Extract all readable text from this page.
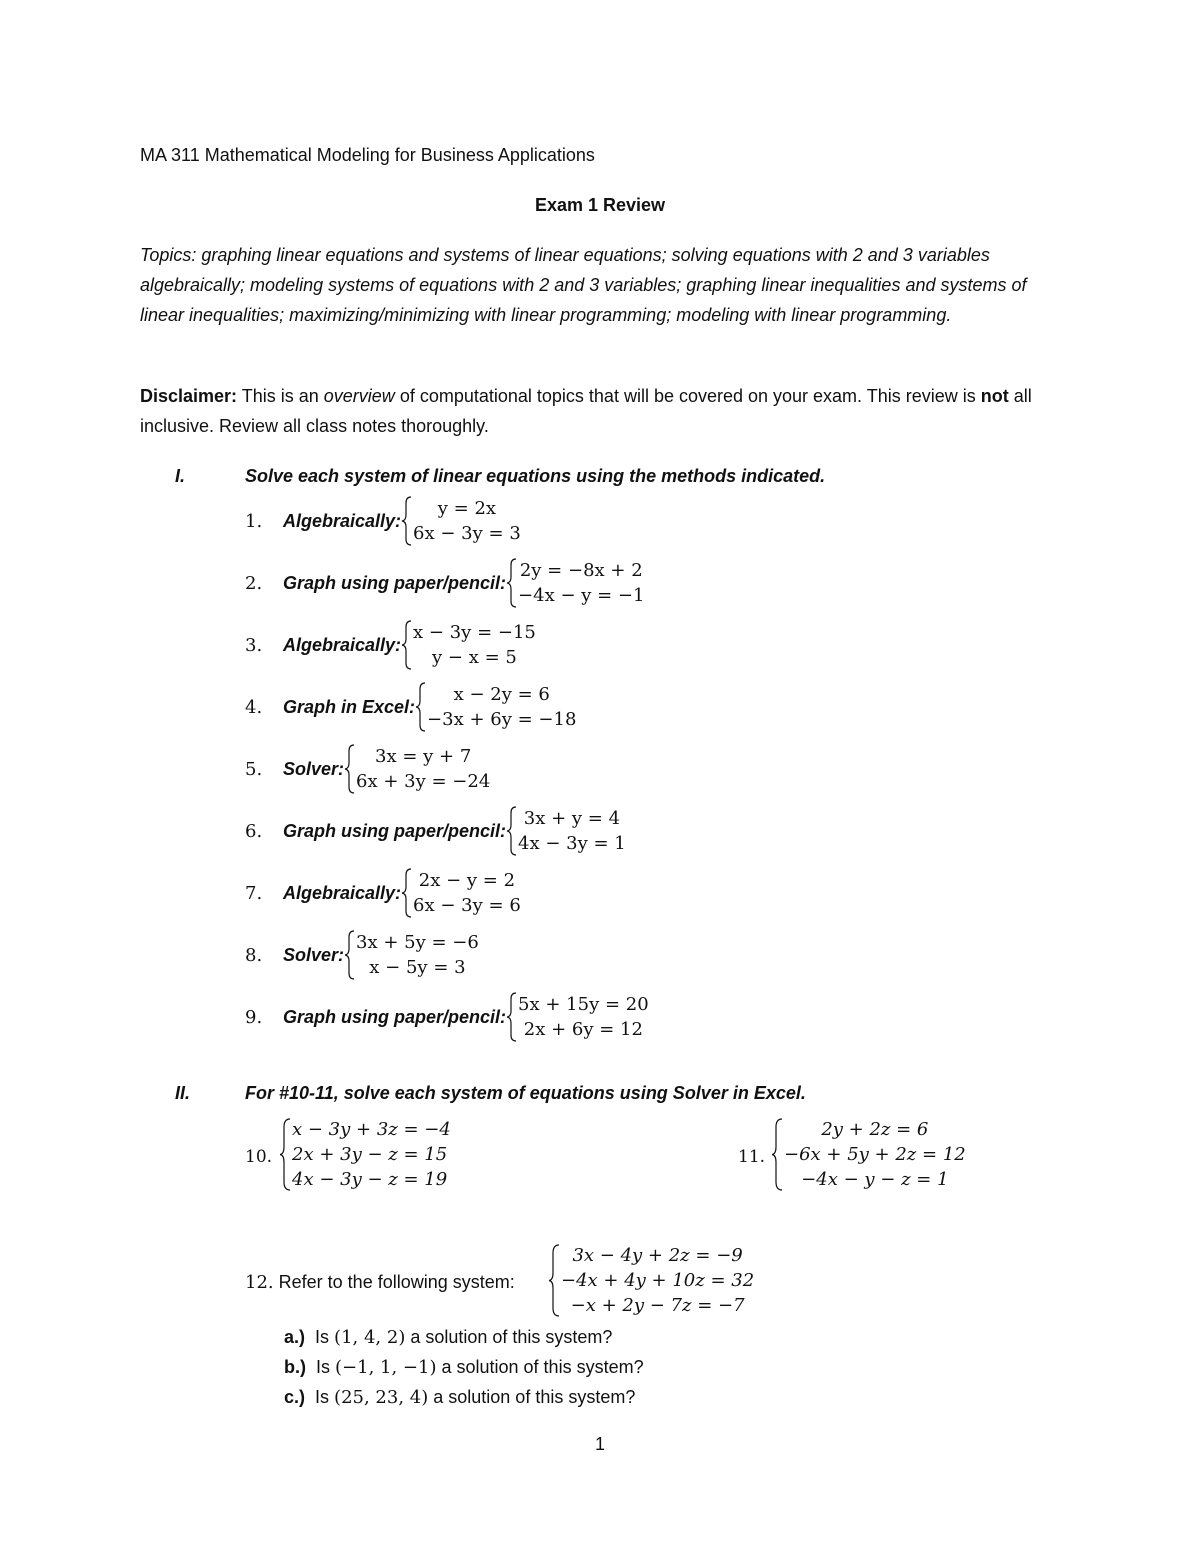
MA 311 Mathematical Modeling for Business Applications
Exam 1 Review
Topics: graphing linear equations and systems of linear equations; solving equations with 2 and 3 variables algebraically; modeling systems of equations with 2 and 3 variables; graphing linear inequalities and systems of linear inequalities; maximizing/minimizing with linear programming; modeling with linear programming.
Disclaimer: This is an overview of computational topics that will be covered on your exam. This review is not all inclusive. Review all class notes thoroughly.
I.	Solve each system of linear equations using the methods indicated.
1.	Algebraically:
y = 2x
6x − 3y = 3
2.	Graph using paper/pencil:
2y = −8x + 2
−4x − y = −1
3.	Algebraically:
x − 3y = −15
y − x = 5
4.	Graph in Excel:
x − 2y = 6
−3x + 6y = −18
5.	Solver:
3x = y + 7
6x + 3y = −24
6.	Graph using paper/pencil:
3x + y = 4
4x − 3y = 1
7.	Algebraically:
2x − y = 2
6x − 3y = 6
8.	Solver:
3x + 5y = −6
x − 5y = 3
9.	Graph using paper/pencil:
5x + 15y = 20
2x + 6y = 12
II.	For #10-11, solve each system of equations using Solver in Excel.
10.
x − 3y + 3z = −4
2x + 3y − z = 15
4x − 3y − z = 19
11.
2y + 2z = 6
−6x + 5y + 2z = 12
−4x − y − z = 1
12. Refer to the following system:
3x − 4y + 2z = −9
−4x + 4y + 10z = 32
−x + 2y − 7z = −7
a.) Is (1, 4, 2) a solution of this system?
b.) Is (−1, 1, −1) a solution of this system?
c.) Is (25, 23, 4) a solution of this system?
1
